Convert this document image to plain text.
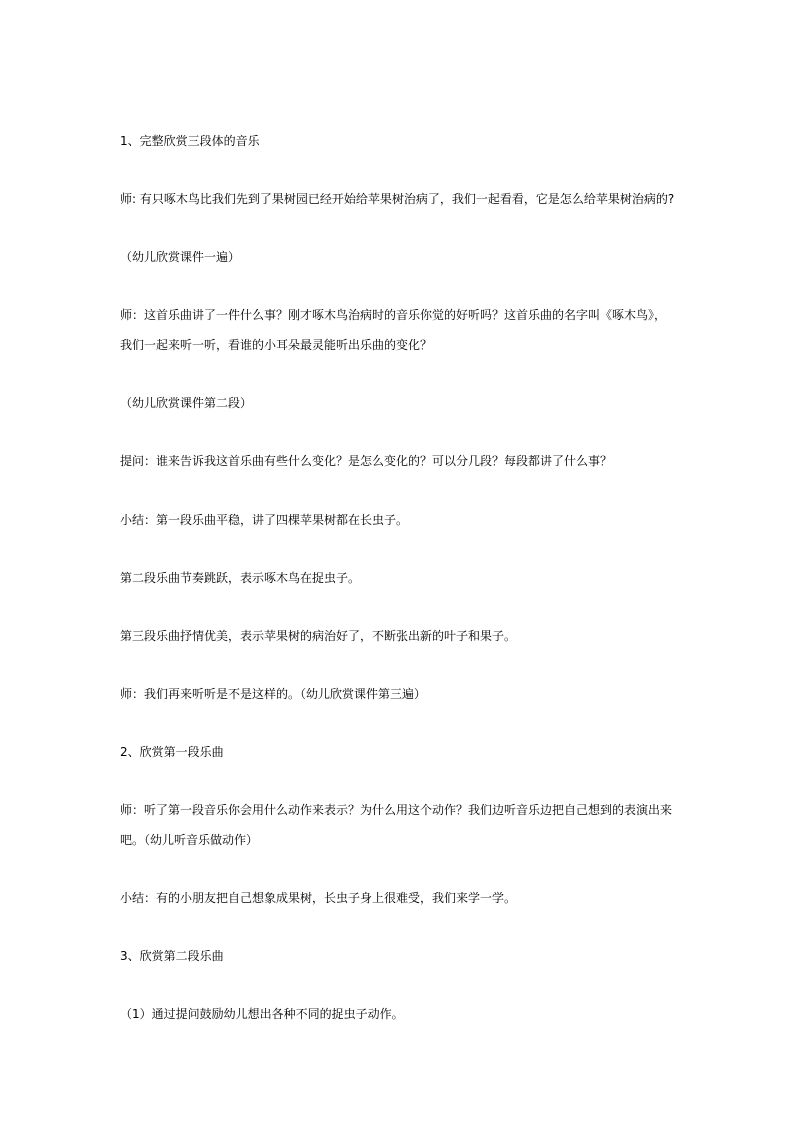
1、完整欣赏三段体的音乐

师: 有只啄木鸟比我们先到了果树园已经开始给苹果树治病了，我们一起看看，它是怎么给苹果树治病的?

（幼儿欣赏课件一遍）

师：这首乐曲讲了一件什么事？刚才啄木鸟治病时的音乐你觉的好听吗？这首乐曲的名字叫《啄木鸟》，我们一起来听一听，看谁的小耳朵最灵能听出乐曲的变化？

（幼儿欣赏课件第二段）

提问：谁来告诉我这首乐曲有些什么变化？是怎么变化的？可以分几段？每段都讲了什么事？

小结：第一段乐曲平稳，讲了四棵苹果树都在长虫子。

第二段乐曲节奏跳跃，表示啄木鸟在捉虫子。

第三段乐曲抒情优美，表示苹果树的病治好了，不断张出新的叶子和果子。

师：我们再来听听是不是这样的。（幼儿欣赏课件第三遍）

2、欣赏第一段乐曲

师：听了第一段音乐你会用什么动作来表示？为什么用这个动作？我们边听音乐边把自己想到的表演出来吧。（幼儿听音乐做动作）

小结：有的小朋友把自己想象成果树，长虫子身上很难受，我们来学一学。

3、欣赏第二段乐曲

（1）通过提问鼓励幼儿想出各种不同的捉虫子动作。
